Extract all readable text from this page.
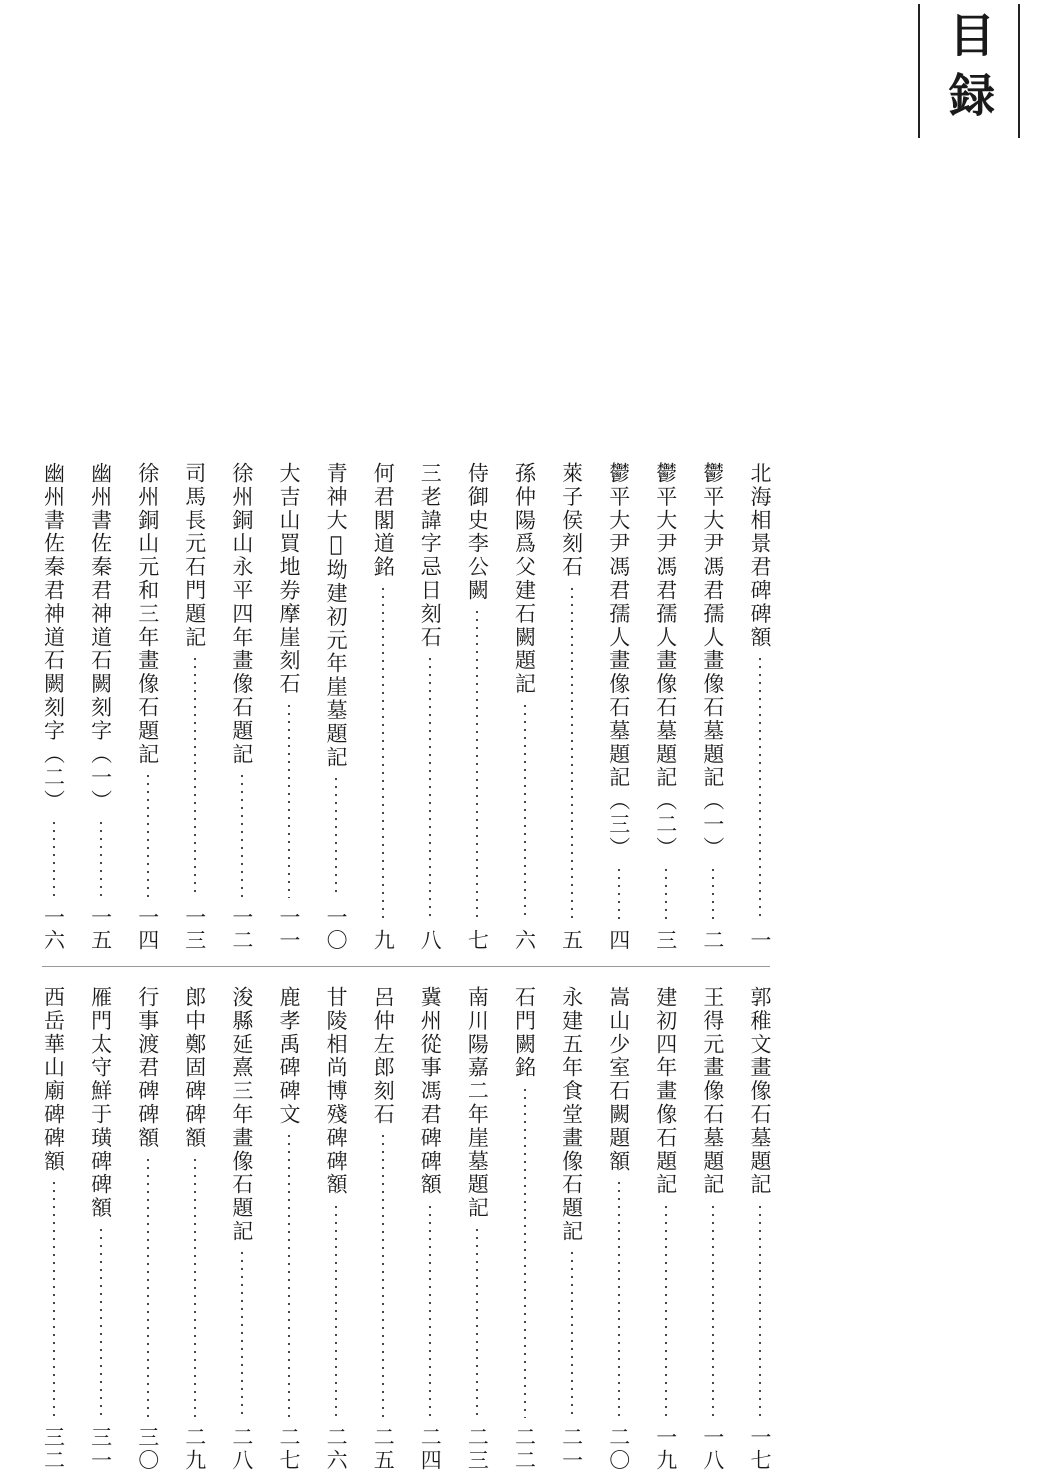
目録
北海相景君碑碑額
一
鬱平大尹馮君孺人畫像石墓題記（一）
二
鬱平大尹馮君孺人畫像石墓題記（二）
三
鬱平大尹馮君孺人畫像石墓題記（三）
四
萊子侯刻石
五
孫仲陽爲父建石闕題記
六
侍御史李公闕
七
三老諱字忌日刻石
八
何君閣道銘
九
青神大𦹗坳建初元年崖墓題記
一〇
大吉山買地券摩崖刻石
一一
徐州銅山永平四年畫像石題記
一二
司馬長元石門題記
一三
徐州銅山元和三年畫像石題記
一四
幽州書佐秦君神道石闕刻字（一）
一五
幽州書佐秦君神道石闕刻字（二）
一六
郭稚文畫像石墓題記
一七
王得元畫像石墓題記
一八
建初四年畫像石題記
一九
嵩山少室石闕題額
二〇
永建五年食堂畫像石題記
二一
石門闕銘
二二
南川陽嘉二年崖墓題記
二三
冀州從事馮君碑碑額
二四
呂仲左郎刻石
二五
甘陵相尚博殘碑碑額
二六
鹿孝禹碑碑文
二七
浚縣延熹三年畫像石題記
二八
郎中鄭固碑碑額
二九
行事渡君碑碑額
三〇
雁門太守鮮于璜碑碑額
三一
西岳華山廟碑碑額
三二
